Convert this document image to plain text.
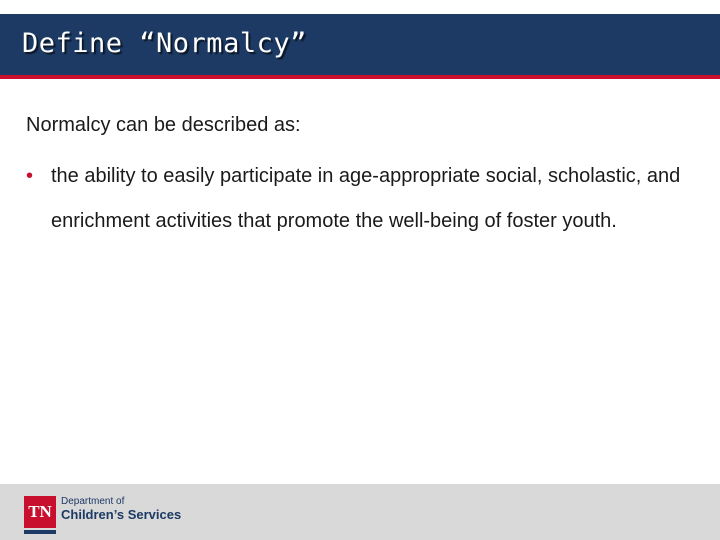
Define “Normalcy”

Normalcy can be described as:

• the ability to easily participate in age-appropriate social, scholastic, and enrichment activities that promote the well-being of foster youth.
TN
Department of
Children’s Services
